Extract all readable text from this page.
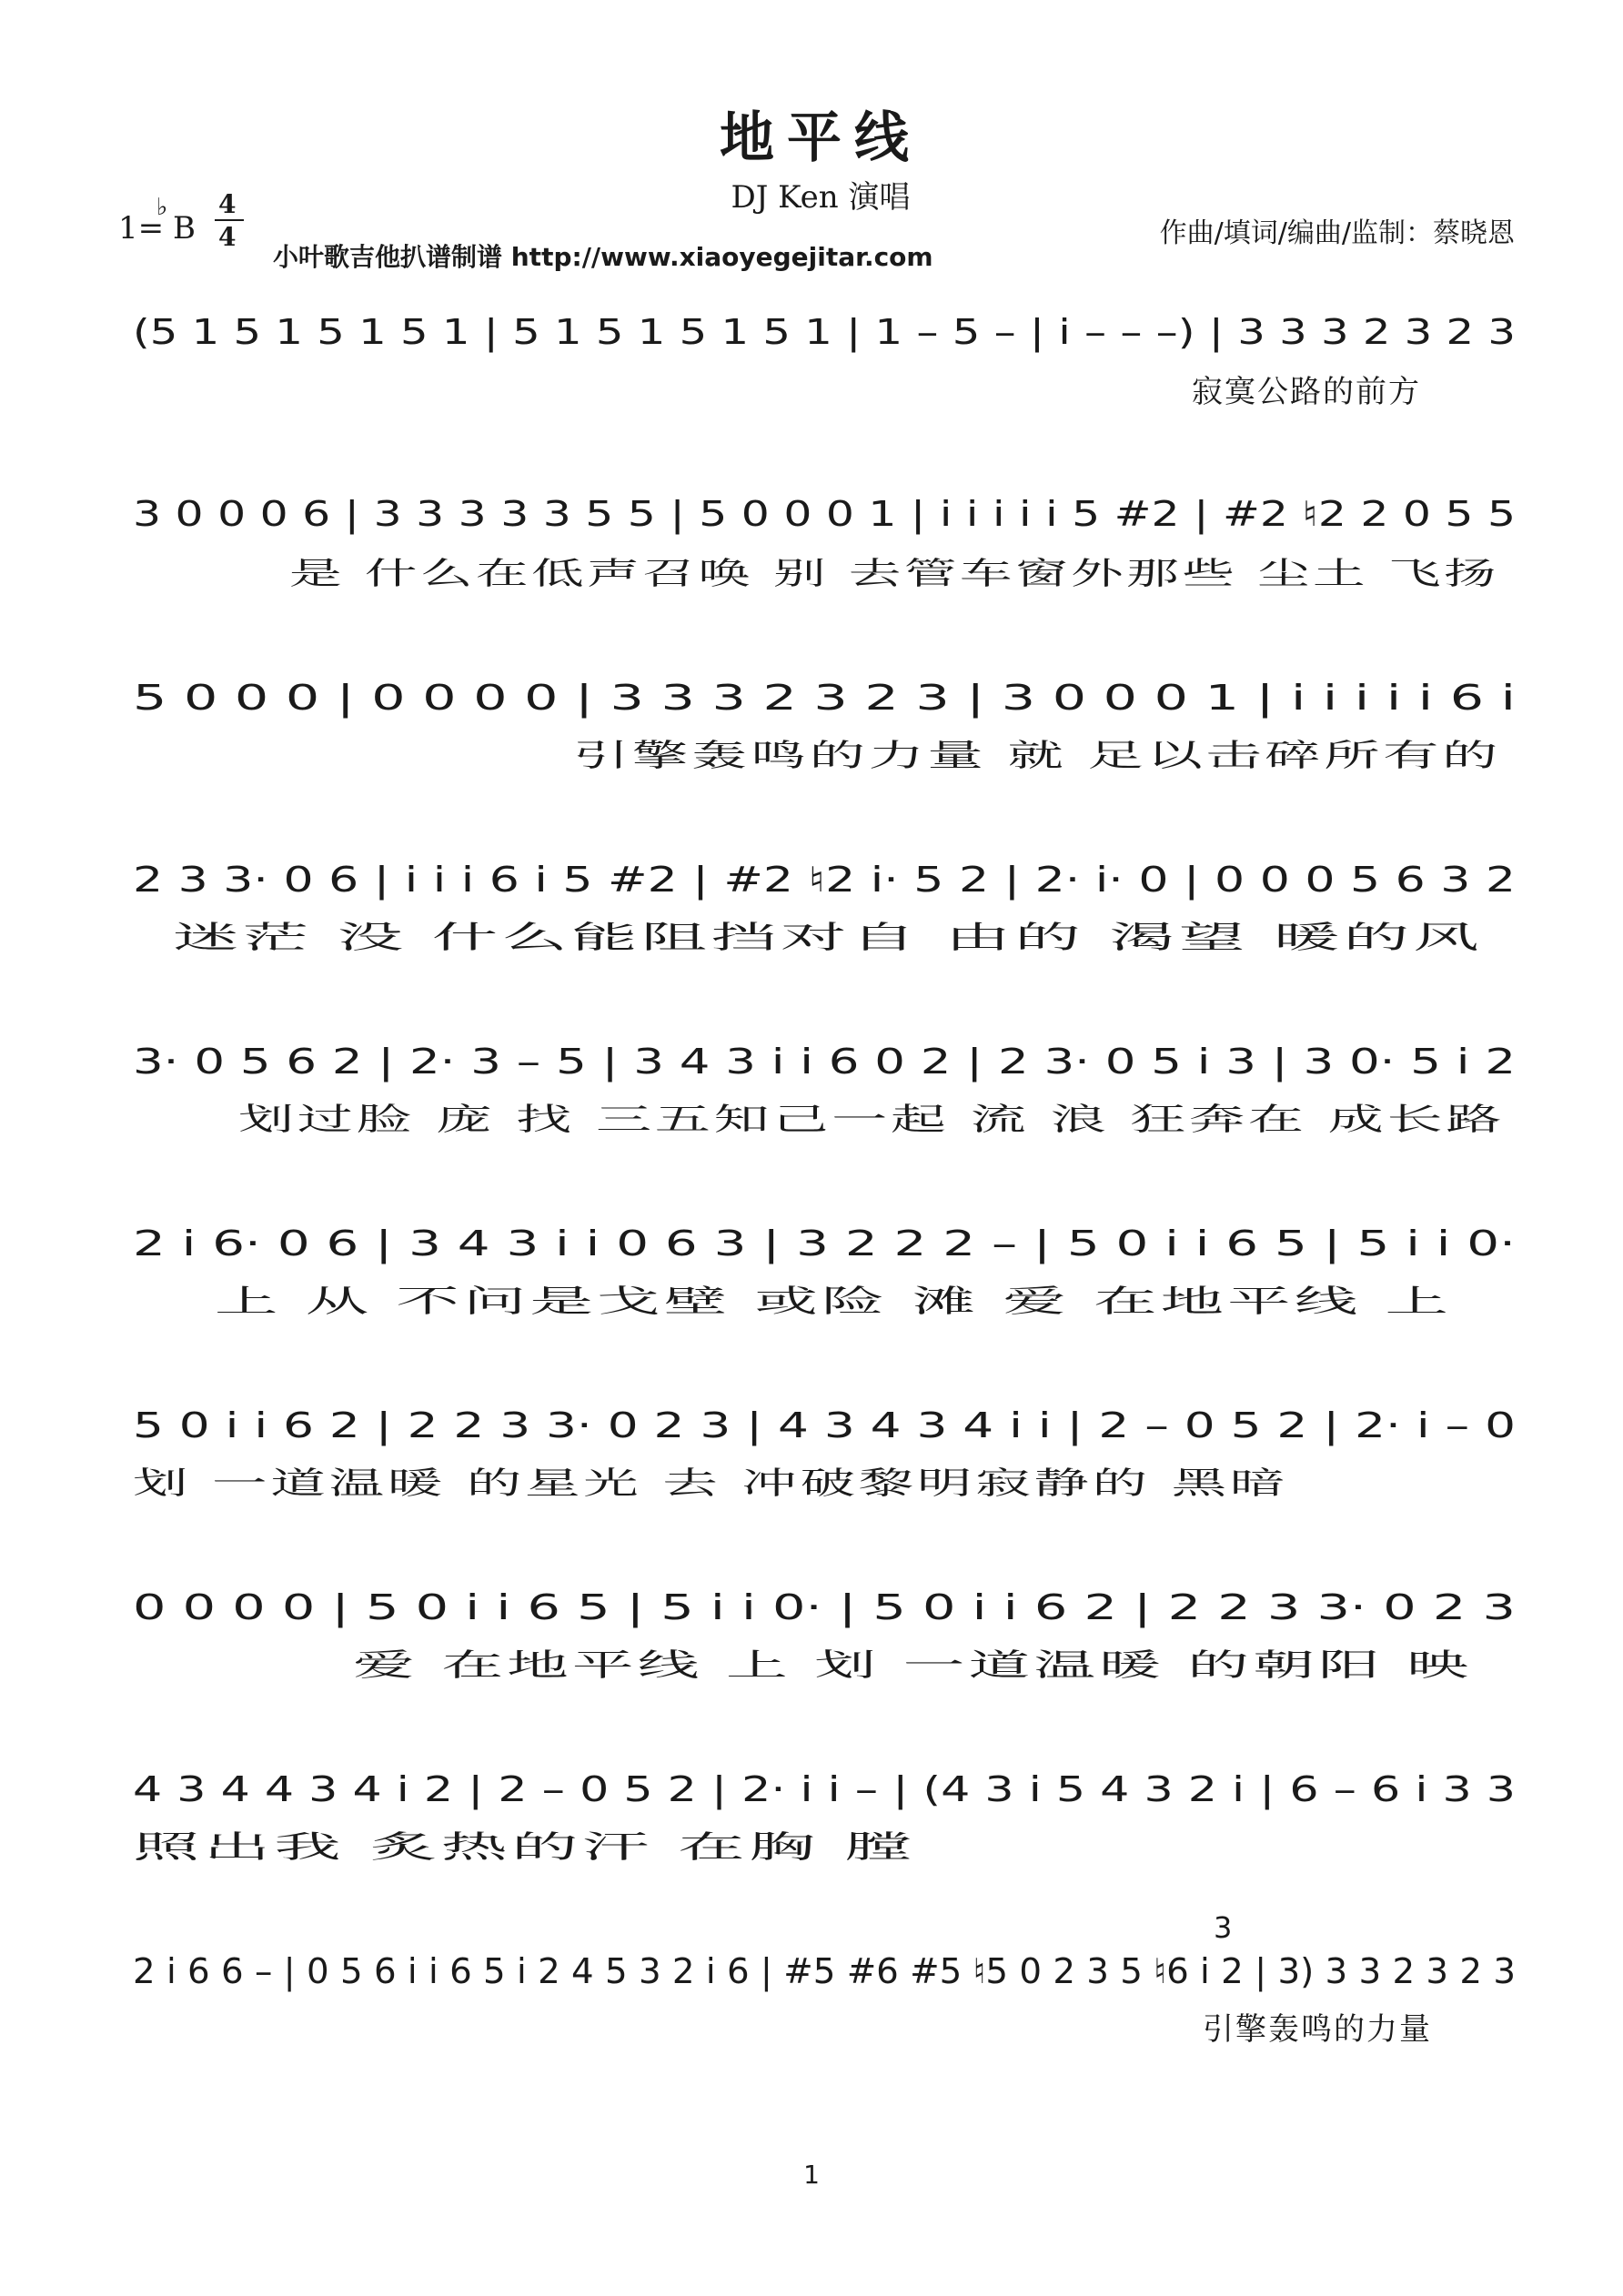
地平线
DJ Ken 演唱
1=
♭
B
4
4
小叶歌吉他扒谱制谱 http://www.xiaoyegejitar.com
作曲/填词/编曲/监制：蔡晓恩
(5 1 5 1 5 1 5 1 | 5 1 5 1 5 1 5 1 | 1 – 5 – | i – – –) | 3 3 3 2 3 2 3
寂寞公路的前方
3 0 0 0 6 | 3 3 3 3 3 5 5 | 5 0 0 0 1 | i i i i i 5 #2 | #2 ♮2 2 0 5 5
是 什么在低声召唤 别 去管车窗外那些 尘土 飞扬
5 0 0 0 | 0 0 0 0 | 3 3 3 2 3 2 3 | 3 0 0 0 1 | i i i i i 6 i
引擎轰鸣的力量 就 足以击碎所有的
2 3 3· 0 6 | i i i 6 i 5 #2 | #2 ♮2 i· 5 2 | 2· i· 0 | 0 0 0 5 6 3 2
迷茫 没 什么能阻挡对自 由的 渴望 暖的风
3· 0 5 6 2 | 2· 3 – 5 | 3 4 3 i i 6 0 2 | 2 3· 0 5 i 3 | 3 0· 5 i 2
划过脸 庞 找 三五知己一起 流 浪 狂奔在 成长路
2 i 6· 0 6 | 3 4 3 i i 0 6 3 | 3 2 2 2 – | 5 0 i i 6 5 | 5 i i 0·
上 从 不问是戈壁 或险 滩 爱 在地平线 上
5 0 i i 6 2 | 2 2 3 3· 0 2 3 | 4 3 4 3 4 i i | 2 – 0 5 2 | 2· i – 0
划 一道温暖 的星光 去 冲破黎明寂静的 黑暗
0 0 0 0 | 5 0 i i 6 5 | 5 i i 0· | 5 0 i i 6 2 | 2 2 3 3· 0 2 3
爱 在地平线 上 划 一道温暖 的朝阳 映
4 3 4 4 3 4 i 2 | 2 – 0 5 2 | 2· i i – | (4 3 i 5 4 3 2 i | 6 – 6 i 3 3
照出我 炙热的汗 在胸 膛
3
2 i 6 6 – | 0 5 6 i i 6 5 i 2 4 5 3 2 i 6 | #5 #6 #5 ♮5 0 2 3 5 ♮6 i 2 | 3) 3 3 2 3 2 3
引擎轰鸣的力量
1
